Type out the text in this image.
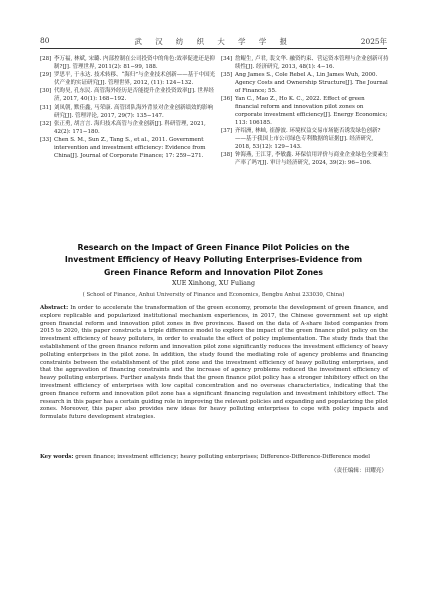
80	武 汉 纺 织 大 学 学 报	2025年
[28] 李万福, 林斌, 宋璐. 内部控制在公司投资中的角色:效率促进还是抑制?[J]. 管理世界, 2011(2): 81−99, 188.
[29] 罗思平, 于永达. 技术转移、“海归”与企业技术创新——基于中国光伏产业的实证研究[J]. 管理世界, 2012, (11): 124−132.
[30] 代昀昊, 孔东民. 高管海外经历是否能提升企业投资效率[J]. 世界经济, 2017, 40(1): 168−192.
[31] 刘凤朝, 默佳鑫, 马荣康. 高管团队海外背景对企业创新绩效的影响研究[J]. 管理评论, 2017, 29(7): 135−147.
[32] 张正勇, 胡言言. 海归技术高管与企业创新[J]. 科研管理, 2021, 42(2): 171−180.
[33] Chen S. M., Sun Z., Tang S., et al., 2011. Government intervention and investment efficiency: Evidence from China[J]. Journal of Corporate Finance; 17: 259−271.
[34] 詹鲲生, 卢君, 裴文华. 融资约束、营运资本管理与企业创新可持续性[J]. 经济研究, 2013, 48(1): 4−16.
[35] Ang James S., Cole Rebel A., Lin James Wuh, 2000. Agency Costs and Ownership Structure[J]. The Journal of Finance; 55.
[36] Yan C., Mao Z., Ho K. C., 2022. Effect of green financial reform and innovation pilot zones on corporate investment efficiency[J]. Energy Economics; 113: 106185.
[37] 齐绍洲, 林屾, 崔静波. 环境权益交易市场能否诱发绿色创新?——基于我国上市公司绿色专利数据的证据[J]. 经济研究, 2018, 53(12): 129−143.
[38] 钟海燕, 王江芽, 李敏鑫. 环保信用评价与商业企业绿色全要素生产率了吗?[J]. 审计与经济研究, 2024, 39(2): 96−106.
Research on the Impact of Green Finance Pilot Policies on the Investment Efficiency of Heavy Polluting Enterprises-Evidence from Green Finance Reform and Innovation Pilot Zones
XUE Xinhong, XU Fuliang
( School of Finance, Anhui University of Finance and Economics, Bengbu Anhui 233030, China)
Abstract: In order to accelerate the transformation of the green economy, promote the development of green finance, and explore replicable and popularized institutional mechanism experiences, in 2017, the Chinese government set up eight green financial reform and innovation pilot zones in five provinces. Based on the data of A-share listed companies from 2015 to 2020, this paper constructs a triple difference model to explore the impact of the green finance pilot policy on the investment efficiency of heavy polluters, in order to evaluate the effect of policy implementation. The study finds that the establishment of the green finance reform and innovation pilot zone significantly reduces the investment efficiency of heavy polluting enterprises in the pilot zone. In addition, the study found the mediating role of agency problems and financing constraints between the establishment of the pilot zone and the investment efficiency of heavy polluting enterprises, and that the aggravation of financing constraints and the increase of agency problems reduced the investment efficiency of heavy polluting enterprises. Further analysis finds that the green finance pilot policy has a stronger inhibitory effect on the investment efficiency of enterprises with low capital concentration and no overseas characteristics, indicating that the green finance reform and innovation pilot zone has a significant financing regulation and investment inhibitory effect. The research in this paper has a certain guiding role in improving the relevant policies and expanding and popularizing the pilot zones. Moreover, this paper also provides new ideas for heavy polluting enterprises to cope with policy impacts and formulate future development strategies.
Key words: green finance; investment efficiency; heavy polluting enterprises; Difference-Difference-Difference model
（责任编辑：田耀亮）
